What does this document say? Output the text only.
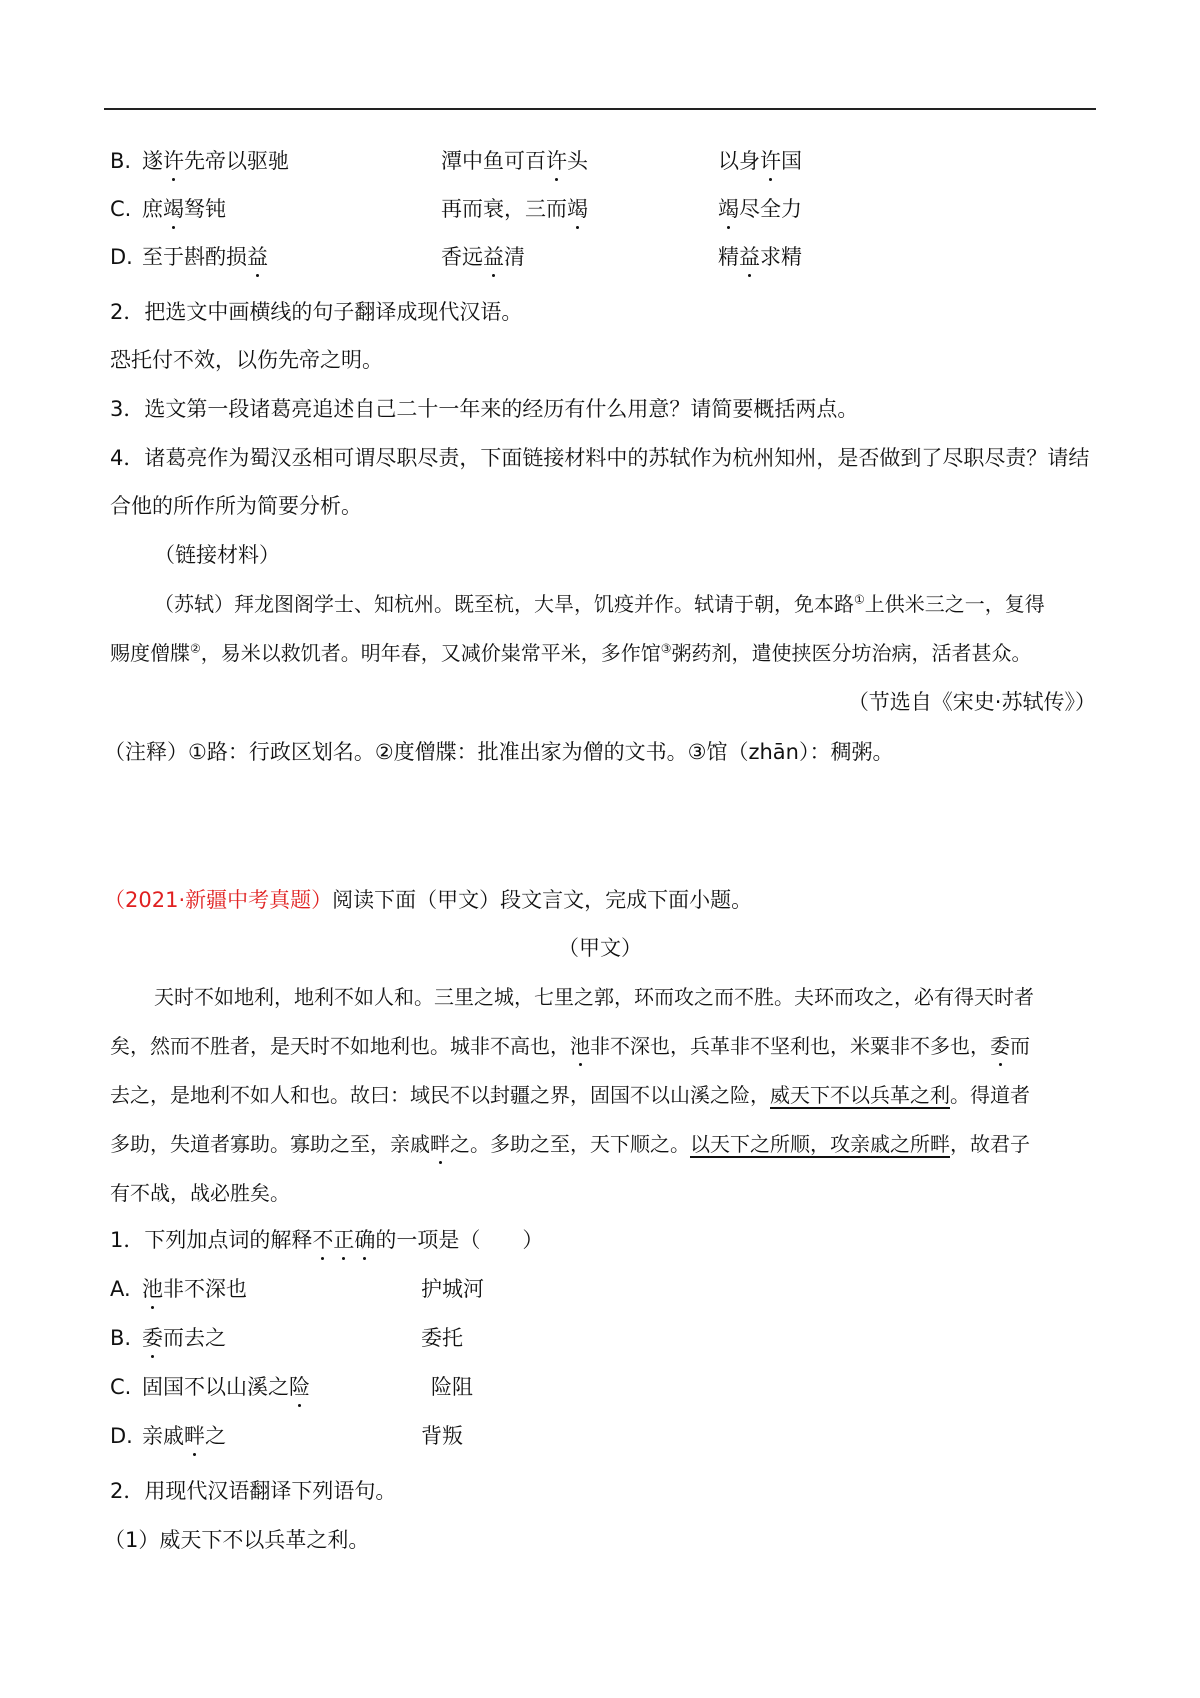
B. 遂许先帝以驱驰	潭中鱼可百许头	以身许国
C. 庶竭驽钝	再而衰，三而竭	竭尽全力
D. 至于斟酌损益	香远益清	精益求精
2．把选文中画横线的句子翻译成现代汉语。
恐托付不效，以伤先帝之明。
3．选文第一段诸葛亮追述自己二十一年来的经历有什么用意？请简要概括两点。
4．诸葛亮作为蜀汉丞相可谓尽职尽责，下面链接材料中的苏轼作为杭州知州，是否做到了尽职尽责？请结
合他的所作所为简要分析。
（链接材料）
（苏轼）拜龙图阁学士、知杭州。既至杭，大旱，饥疫并作。轼请于朝，免本路①上供米三之一，复得
赐度僧牒②，易米以救饥者。明年春，又减价粜常平米，多作馆③粥药剂，遣使挟医分坊治病，活者甚众。
（节选自《宋史·苏轼传》）
（注释）①路：行政区划名。②度僧牒：批准出家为僧的文书。③馆（zhān）：稠粥。
（2021·新疆中考真题）阅读下面（甲文）段文言文，完成下面小题。
（甲文）
天时不如地利，地利不如人和。三里之城，七里之郭，环而攻之而不胜。夫环而攻之，必有得天时者
矣，然而不胜者，是天时不如地利也。城非不高也，池非不深也，兵革非不坚利也，米粟非不多也，委而
去之，是地利不如人和也。故曰：域民不以封疆之界，固国不以山溪之险，威天下不以兵革之利。得道者
多助，失道者寡助。寡助之至，亲戚畔之。多助之至，天下顺之。以天下之所顺，攻亲戚之所畔，故君子
有不战，战必胜矣。
1．下列加点词的解释不正确的一项是（　　）
A. 池非不深也	护城河
B. 委而去之	委托
C. 固国不以山溪之险	险阻
D. 亲戚畔之	背叛
2．用现代汉语翻译下列语句。
（1）威天下不以兵革之利。
